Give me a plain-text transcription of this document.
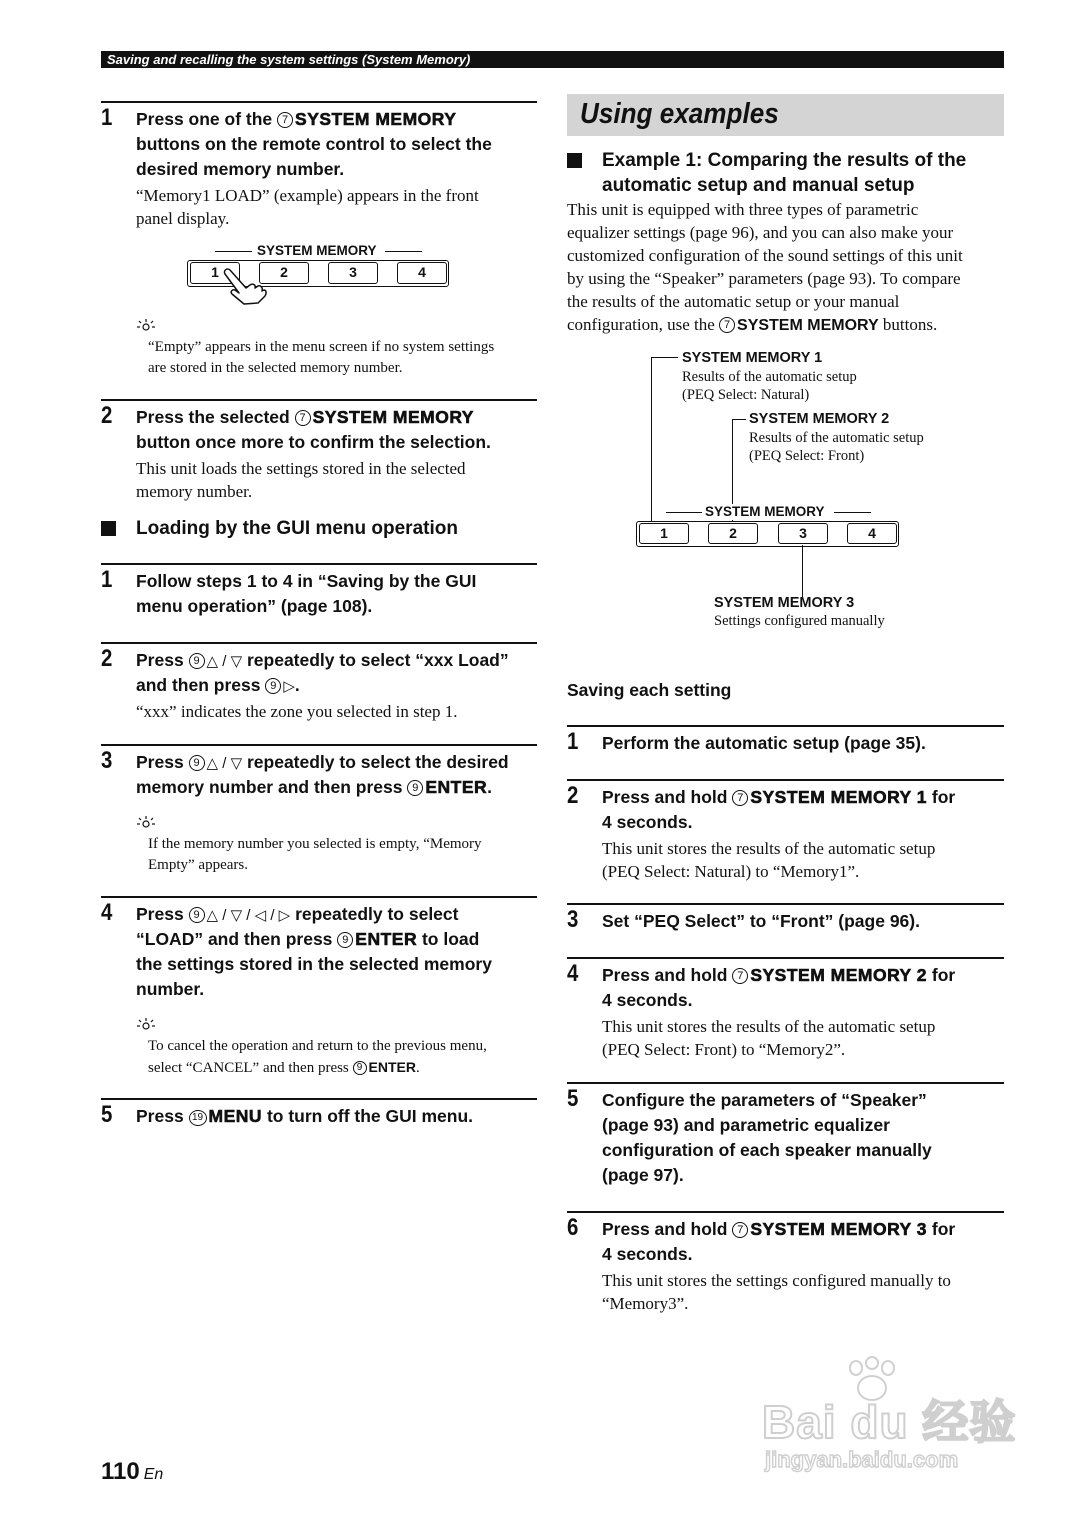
Saving and recalling the system settings (System Memory)
1 Press one of the 7 SYSTEM MEMORY
buttons on the remote control to select the
desired memory number.
“Memory1 LOAD” (example) appears in the front
panel display.
SYSTEM MEMORY
1	2	3	4
“Empty” appears in the menu screen if no system settings
are stored in the selected memory number.
2 Press the selected 7 SYSTEM MEMORY
button once more to confirm the selection.
This unit loads the settings stored in the selected
memory number.
Loading by the GUI menu operation
1 Follow steps 1 to 4 in “Saving by the GUI
menu operation” (page 108).
2 Press 9 △ / ▽ repeatedly to select “xxx Load”
and then press 9 ▷.
“xxx” indicates the zone you selected in step 1.
3 Press 9 △ / ▽ repeatedly to select the desired
memory number and then press 9 ENTER.
If the memory number you selected is empty, “Memory
Empty” appears.
4 Press 9 △ / ▽ / ◁ / ▷ repeatedly to select
“LOAD” and then press 9 ENTER to load
the settings stored in the selected memory
number.
To cancel the operation and return to the previous menu,
select “CANCEL” and then press 9 ENTER.
5 Press 19 MENU to turn off the GUI menu.
Using examples
Example 1: Comparing the results of the
automatic setup and manual setup
This unit is equipped with three types of parametric
equalizer settings (page 96), and you can also make your
customized configuration of the sound settings of this unit
by using the “Speaker” parameters (page 93). To compare
the results of the automatic setup or your manual
configuration, use the 7 SYSTEM MEMORY buttons.
SYSTEM MEMORY 1
Results of the automatic setup
(PEQ Select: Natural)
SYSTEM MEMORY 2
Results of the automatic setup
(PEQ Select: Front)
SYSTEM MEMORY
1	2	3	4
SYSTEM MEMORY 3
Settings configured manually
Saving each setting
1 Perform the automatic setup (page 35).
2 Press and hold 7 SYSTEM MEMORY 1 for
4 seconds.
This unit stores the results of the automatic setup
(PEQ Select: Natural) to “Memory1”.
3 Set “PEQ Select” to “Front” (page 96).
4 Press and hold 7 SYSTEM MEMORY 2 for
4 seconds.
This unit stores the results of the automatic setup
(PEQ Select: Front) to “Memory2”.
5 Configure the parameters of “Speaker”
(page 93) and parametric equalizer
configuration of each speaker manually
(page 97).
6 Press and hold 7 SYSTEM MEMORY 3 for
4 seconds.
This unit stores the settings configured manually to
“Memory3”.
110 En
Bai du 经验
jingyan.baidu.com
